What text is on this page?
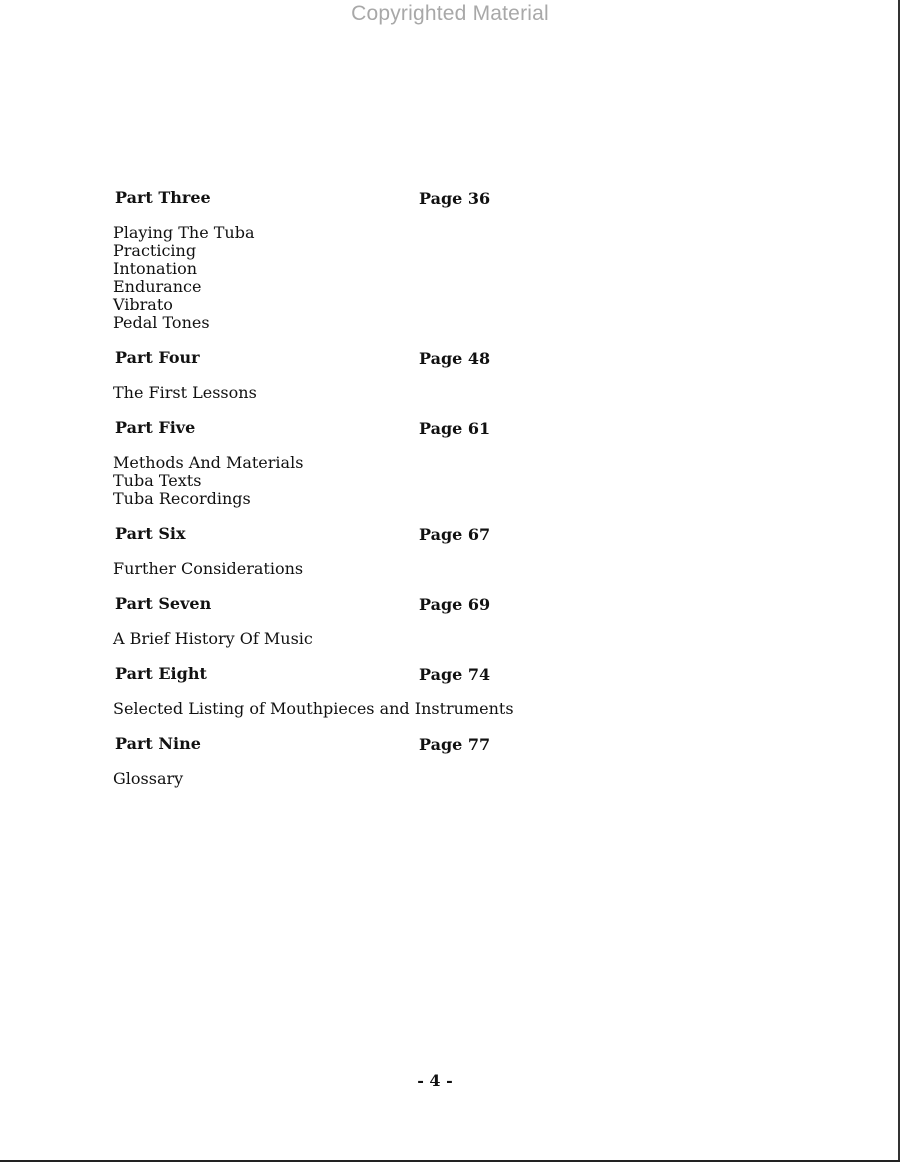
Copyrighted Material
Part Three	Page 36
Playing The Tuba
Practicing
Intonation
Endurance
Vibrato
Pedal Tones
Part Four	Page 48
The First Lessons
Part Five	Page 61
Methods And Materials
Tuba Texts
Tuba Recordings
Part Six	Page 67
Further Considerations
Part Seven	Page 69
A Brief History Of Music
Part Eight	Page 74
Selected Listing of Mouthpieces and Instruments
Part Nine	Page 77
Glossary
- 4 -
